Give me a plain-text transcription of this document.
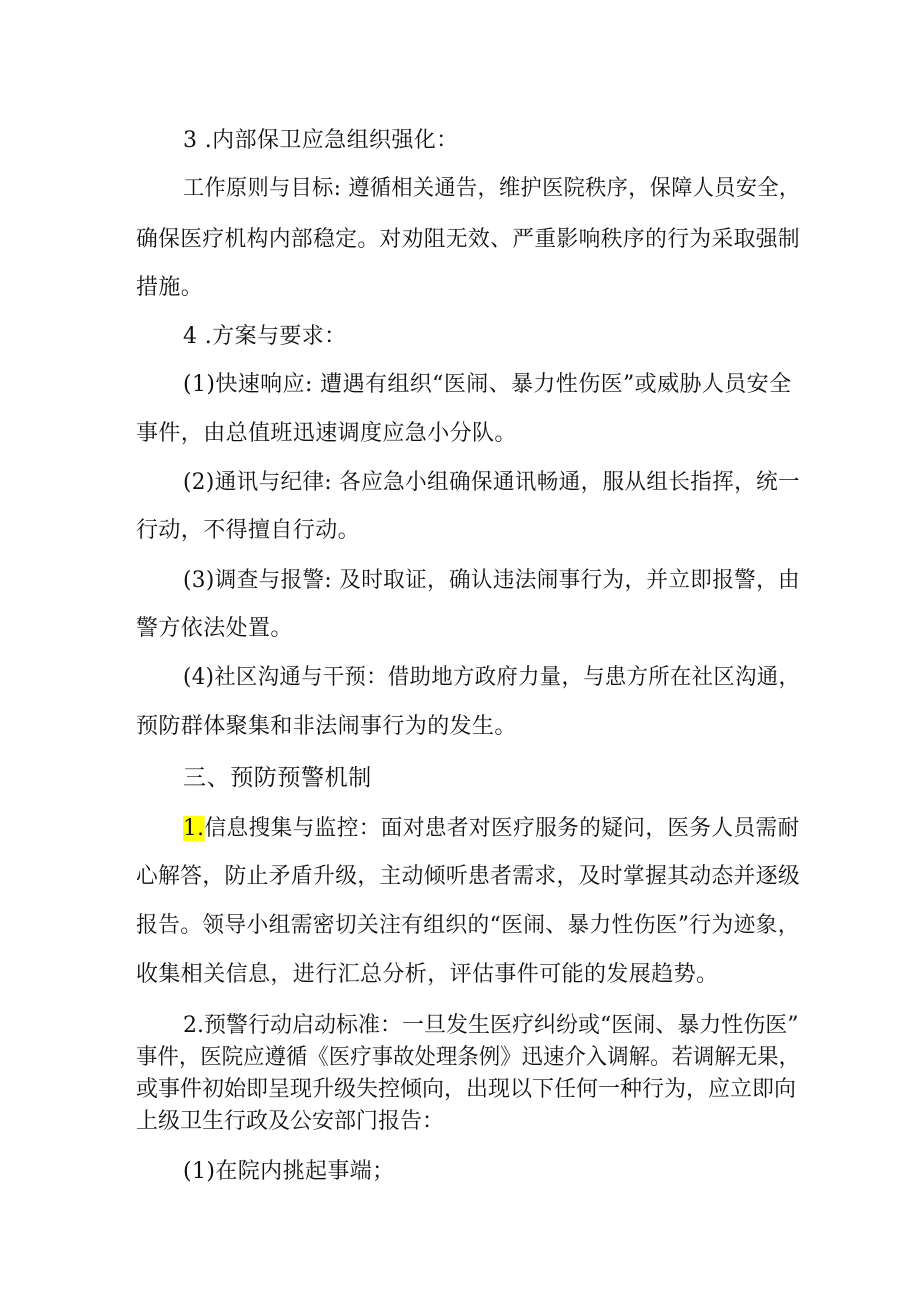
3 .内部保卫应急组织强化：
工作原则与目标: 遵循相关通告，维护医院秩序，保障人员安全，
确保医疗机构内部稳定。对劝阻无效、严重影响秩序的行为采取强制
措施。
4 .方案与要求：
(1)快速响应: 遭遇有组织“医闹、暴力性伤医”或威胁人员安全
事件，由总值班迅速调度应急小分队。
(2)通讯与纪律: 各应急小组确保通讯畅通，服从组长指挥，统一
行动，不得擅自行动。
(3)调查与报警: 及时取证，确认违法闹事行为，并立即报警，由
警方依法处置。
(4)社区沟通与干预：借助地方政府力量，与患方所在社区沟通，
预防群体聚集和非法闹事行为的发生。
三、预防预警机制
1.信息搜集与监控：面对患者对医疗服务的疑问，医务人员需耐
心解答，防止矛盾升级，主动倾听患者需求，及时掌握其动态并逐级
报告。领导小组需密切关注有组织的“医闹、暴力性伤医”行为迹象，
收集相关信息，进行汇总分析，评估事件可能的发展趋势。
2.预警行动启动标准：一旦发生医疗纠纷或“医闹、暴力性伤医”
事件，医院应遵循《医疗事故处理条例》迅速介入调解。若调解无果，
或事件初始即呈现升级失控倾向，出现以下任何一种行为，应立即向
上级卫生行政及公安部门报告：
(1)在院内挑起事端；
